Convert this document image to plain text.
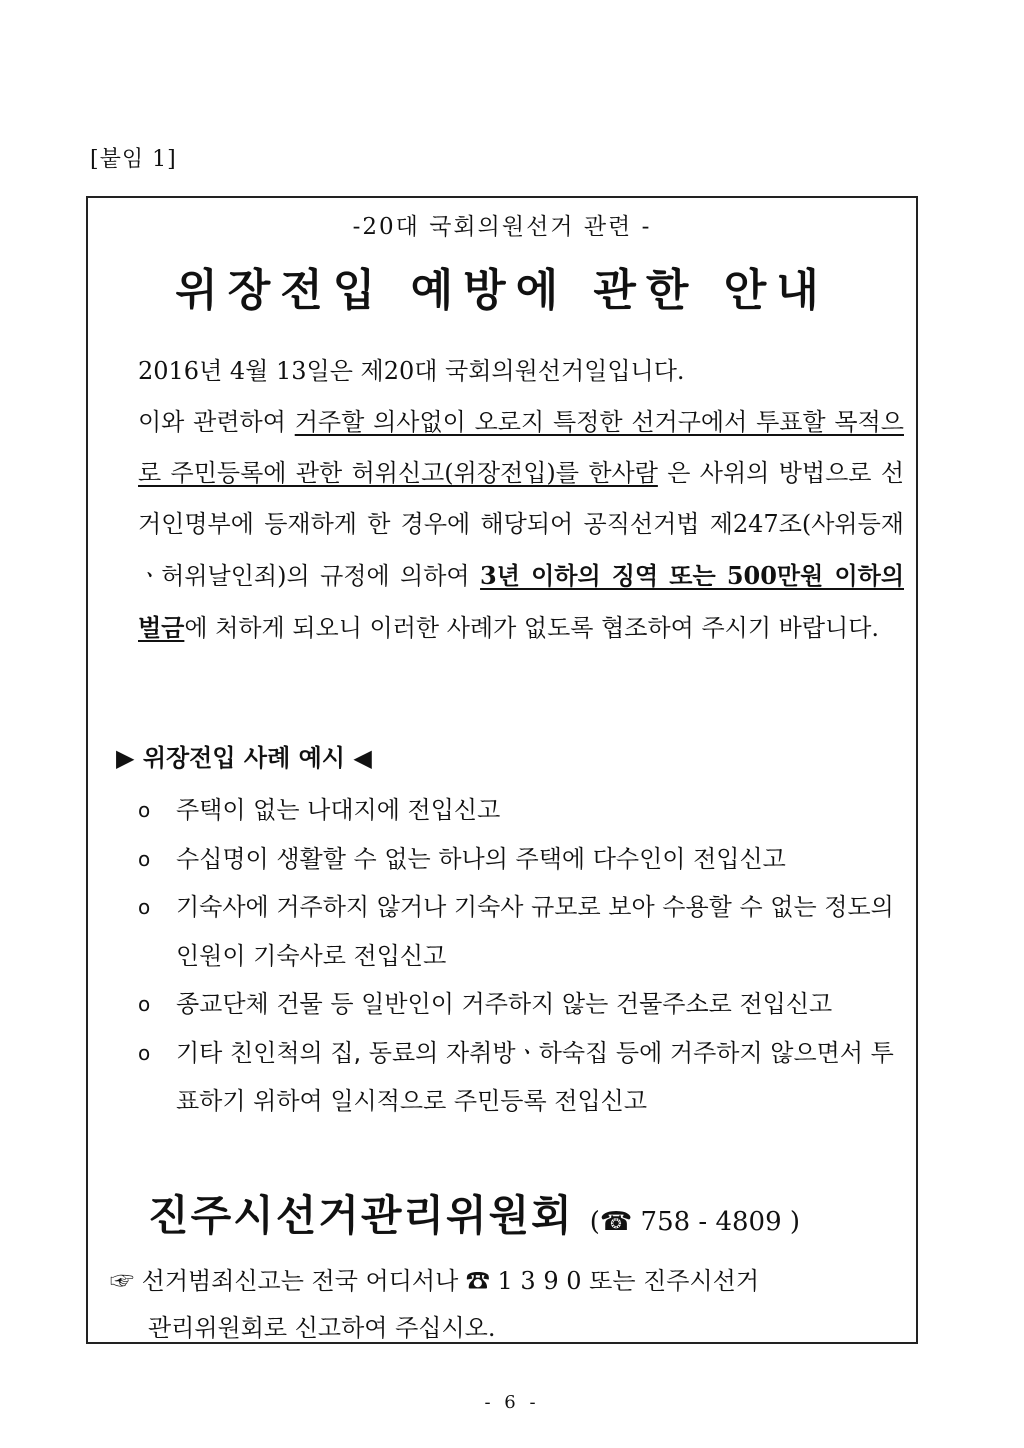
[붙임 1]
-20대 국회의원선거 관련 -
위장전입 예방에 관한 안내

2016년 4월 13일은 제20대 국회의원선거일입니다.

이와 관련하여 거주할 의사없이 오로지 특정한 선거구에서 투표할 목적으로 주민등록에 관한 허위신고(위장전입)를 한사람 은 사위의 방법으로 선거인명부에 등재하게 한 경우에 해당되어 공직선거법 제247조(사위등재ㆍ허위날인죄)의 규정에 의하여 3년 이하의 징역 또는 500만원 이하의 벌금에 처하게 되오니 이러한 사례가 없도록 협조하여 주시기 바랍니다.

▶ 위장전입 사례 예시 ◀
o 주택이 없는 나대지에 전입신고
o 수십명이 생활할 수 없는 하나의 주택에 다수인이 전입신고
o 기숙사에 거주하지 않거나 기숙사 규모로 보아 수용할 수 없는 정도의 인원이 기숙사로 전입신고
o 종교단체 건물 등 일반인이 거주하지 않는 건물주소로 전입신고
o 기타 친인척의 집, 동료의 자취방ㆍ하숙집 등에 거주하지 않으면서 투표하기 위하여 일시적으로 주민등록 전입신고
진주시선거관리위원회 (☎ 758 - 4809 )
☞ 선거범죄신고는 전국 어디서나 ☎ 1 3 9 0 또는 진주시선거
관리위원회로 신고하여 주십시오.
- 6 -
